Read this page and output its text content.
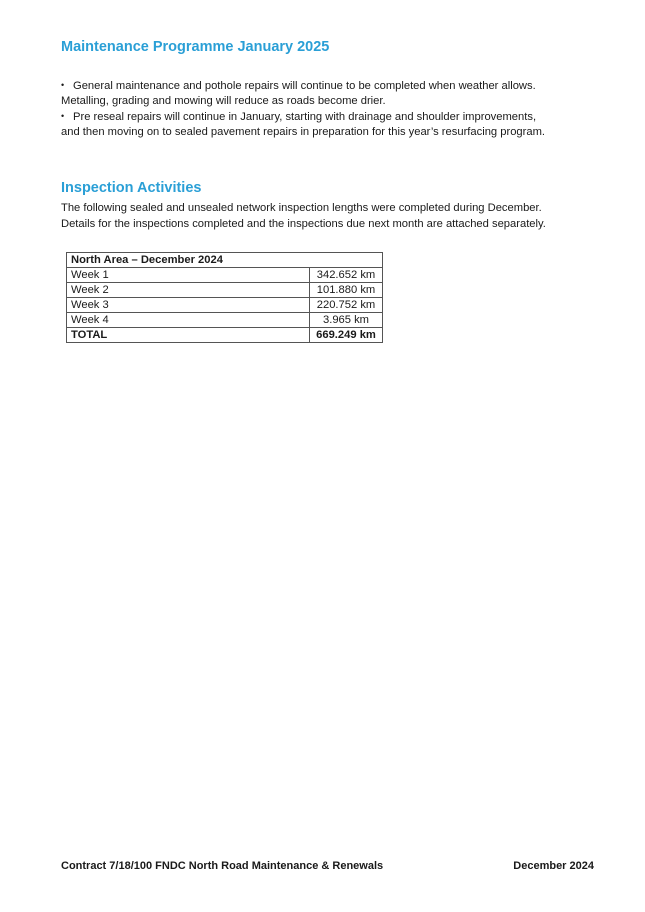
Maintenance Programme January 2025

• General maintenance and pothole repairs will continue to be completed when weather allows.

Metalling, grading and mowing will reduce as roads become drier.

• Pre reseal repairs will continue in January, starting with drainage and shoulder improvements,

and then moving on to sealed pavement repairs in preparation for this year’s resurfacing program.

Inspection Activities

The following sealed and unsealed network inspection lengths were completed during December.

Details for the inspections completed and the inspections due next month are attached separately.

North Area – December 2024	
Week 1	342.652 km
Week 2	101.880 km
Week 3	220.752 km
Week 4	3.965 km
TOTAL	669.249 km
Contract 7/18/100 FNDC North Road Maintenance & Renewals	December 2024
